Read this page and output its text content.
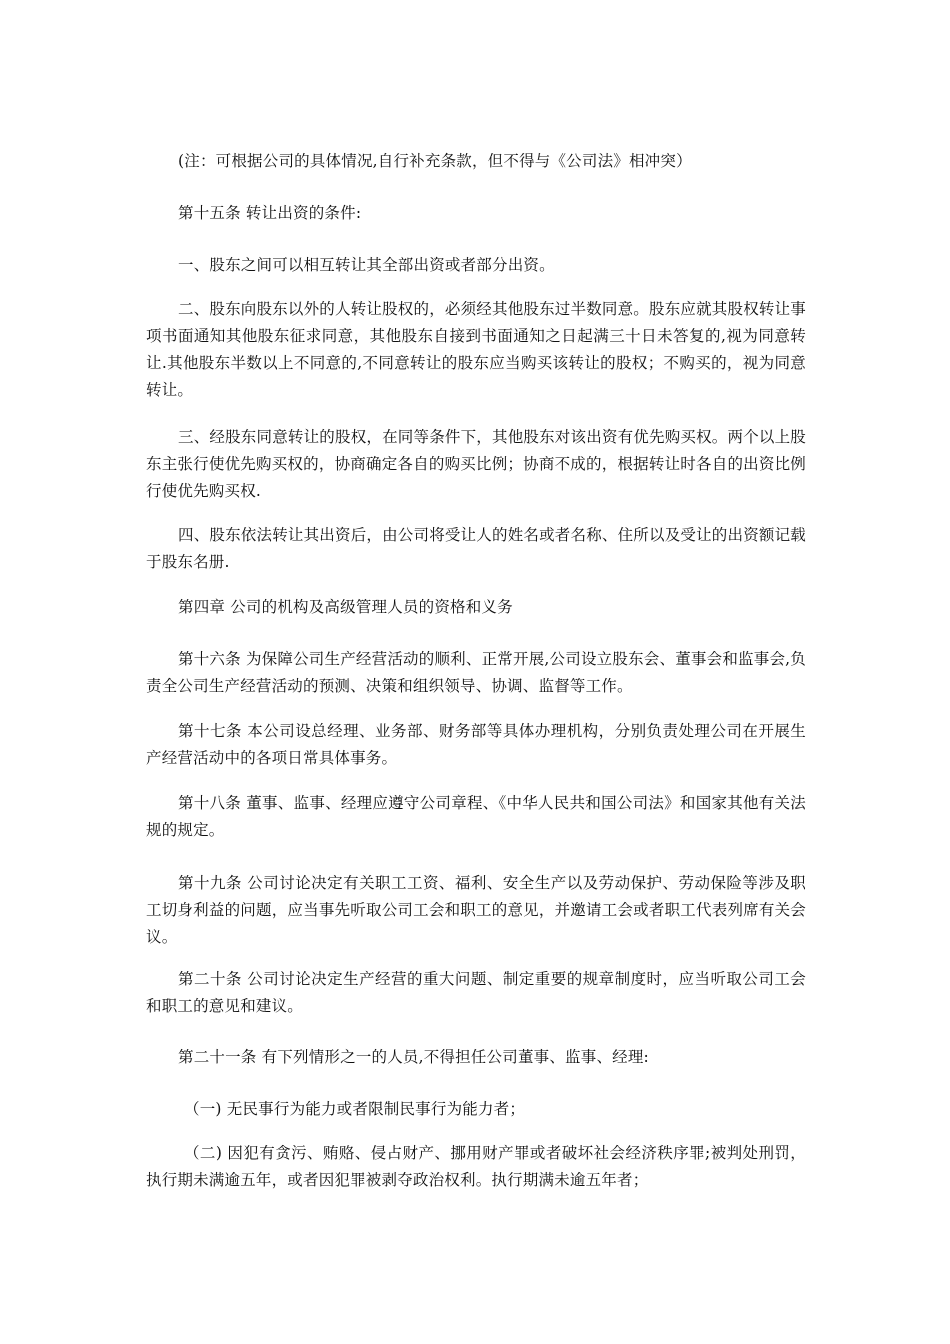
(注：可根据公司的具体情况,自行补充条款，但不得与《公司法》相冲突）

第十五条 转让出资的条件:

一、股东之间可以相互转让其全部出资或者部分出资。

二、股东向股东以外的人转让股权的，必须经其他股东过半数同意。股东应就其股权转让事项书面通知其他股东征求同意，其他股东自接到书面通知之日起满三十日未答复的,视为同意转让.其他股东半数以上不同意的,不同意转让的股东应当购买该转让的股权；不购买的，视为同意转让。

三、经股东同意转让的股权，在同等条件下，其他股东对该出资有优先购买权。两个以上股东主张行使优先购买权的，协商确定各自的购买比例；协商不成的，根据转让时各自的出资比例行使优先购买权.

四、股东依法转让其出资后，由公司将受让人的姓名或者名称、住所以及受让的出资额记载于股东名册.

第四章 公司的机构及高级管理人员的资格和义务

第十六条 为保障公司生产经营活动的顺利、正常开展,公司设立股东会、董事会和监事会,负责全公司生产经营活动的预测、决策和组织领导、协调、监督等工作。

第十七条 本公司设总经理、业务部、财务部等具体办理机构，分别负责处理公司在开展生产经营活动中的各项日常具体事务。

第十八条 董事、监事、经理应遵守公司章程、《中华人民共和国公司法》和国家其他有关法规的规定。

第十九条 公司讨论决定有关职工工资、福利、安全生产以及劳动保护、劳动保险等涉及职工切身利益的问题，应当事先听取公司工会和职工的意见，并邀请工会或者职工代表列席有关会议。

第二十条 公司讨论决定生产经营的重大问题、制定重要的规章制度时，应当听取公司工会和职工的意见和建议。

第二十一条 有下列情形之一的人员,不得担任公司董事、监事、经理:

（一) 无民事行为能力或者限制民事行为能力者；

（二) 因犯有贪污、贿赂、侵占财产、挪用财产罪或者破坏社会经济秩序罪;被判处刑罚，执行期未满逾五年，或者因犯罪被剥夺政治权利。执行期满未逾五年者；
